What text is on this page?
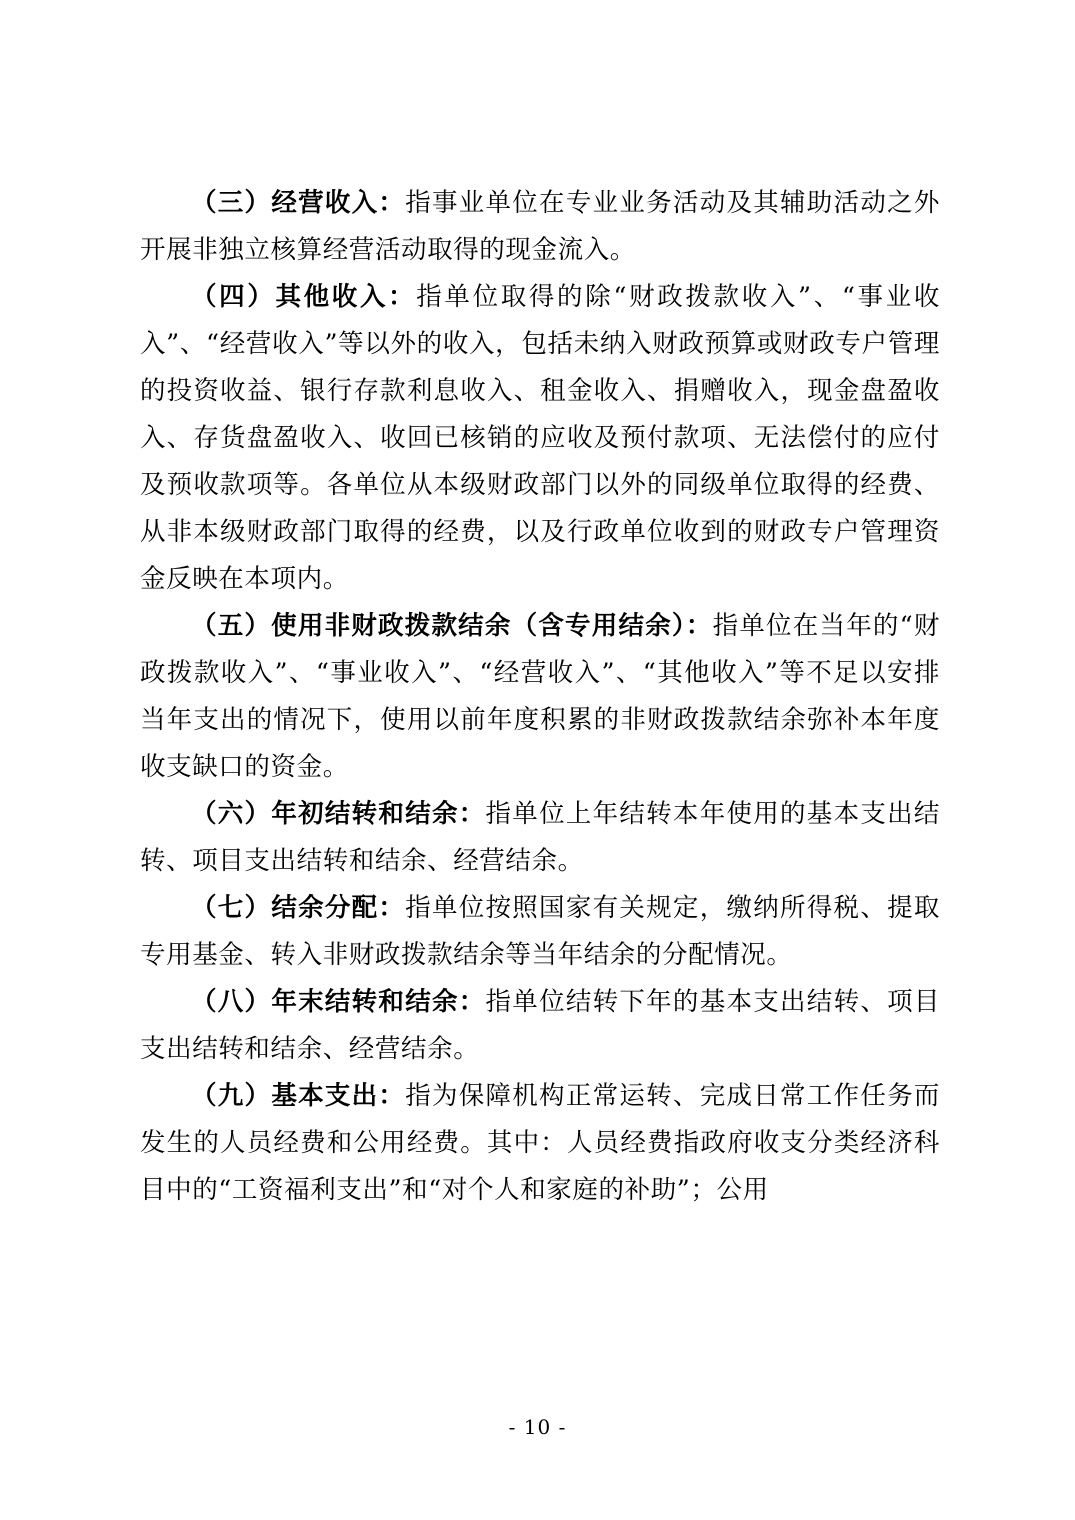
（三）经营收入：指事业单位在专业业务活动及其辅助活动之外开展非独立核算经营活动取得的现金流入。

（四）其他收入：指单位取得的除“财政拨款收入”、“事业收入”、“经营收入”等以外的收入，包括未纳入财政预算或财政专户管理的投资收益、银行存款利息收入、租金收入、捐赠收入，现金盘盈收入、存货盘盈收入、收回已核销的应收及预付款项、无法偿付的应付及预收款项等。各单位从本级财政部门以外的同级单位取得的经费、从非本级财政部门取得的经费，以及行政单位收到的财政专户管理资金反映在本项内。

（五）使用非财政拨款结余（含专用结余）：指单位在当年的“财政拨款收入”、“事业收入”、“经营收入”、“其他收入”等不足以安排当年支出的情况下，使用以前年度积累的非财政拨款结余弥补本年度收支缺口的资金。

（六）年初结转和结余：指单位上年结转本年使用的基本支出结转、项目支出结转和结余、经营结余。

（七）结余分配：指单位按照国家有关规定，缴纳所得税、提取专用基金、转入非财政拨款结余等当年结余的分配情况。

（八）年末结转和结余：指单位结转下年的基本支出结转、项目支出结转和结余、经营结余。

（九）基本支出：指为保障机构正常运转、完成日常工作任务而发生的人员经费和公用经费。其中：人员经费指政府收支分类经济科目中的“工资福利支出”和“对个人和家庭的补助”；公用

- 10 -
